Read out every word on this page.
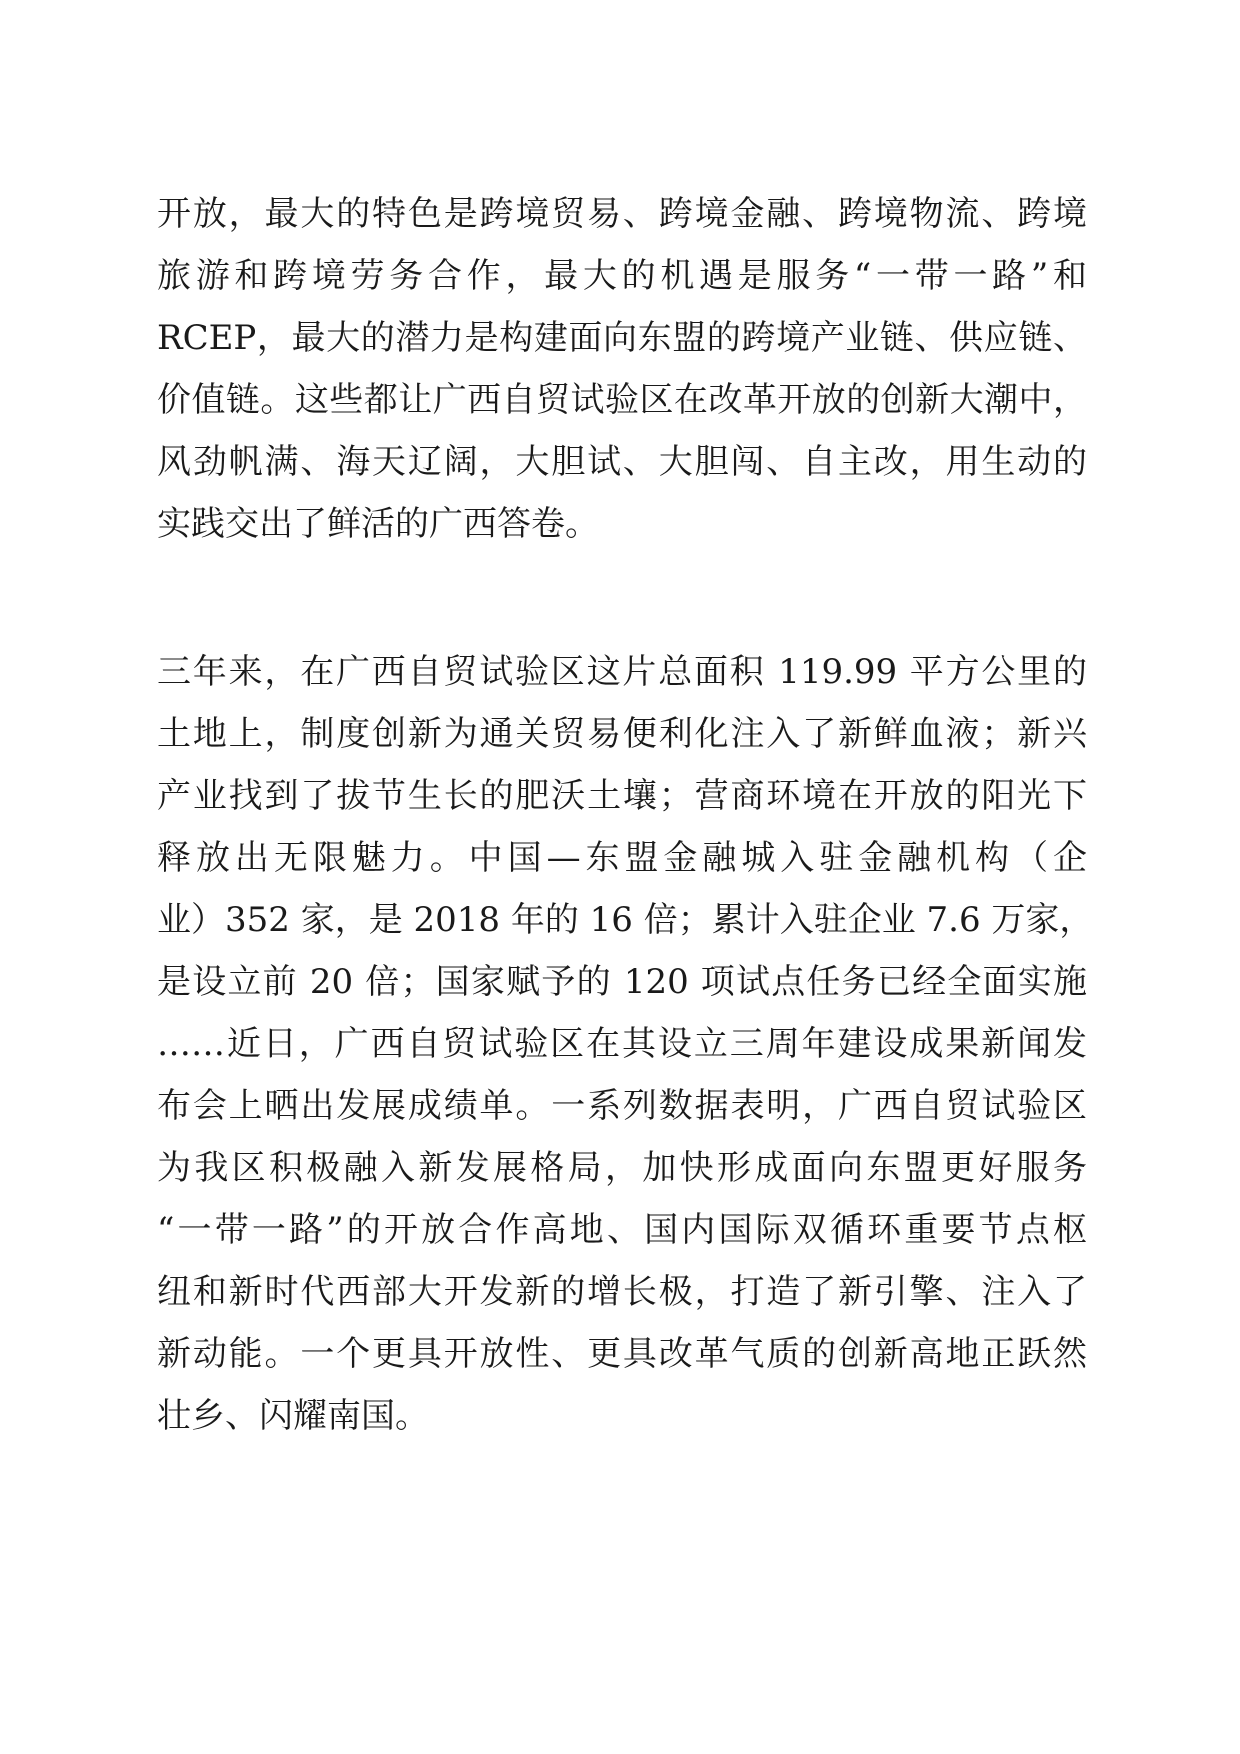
开放，最大的特色是跨境贸易、跨境金融、跨境物流、跨境
旅游和跨境劳务合作，最大的机遇是服务“一带一路”和
RCEP，最大的潜力是构建面向东盟的跨境产业链、供应链、
价值链。这些都让广西自贸试验区在改革开放的创新大潮中，
风劲帆满、海天辽阔，大胆试、大胆闯、自主改，用生动的
实践交出了鲜活的广西答卷。
三年来，在广西自贸试验区这片总面积 119.99 平方公里的
土地上，制度创新为通关贸易便利化注入了新鲜血液；新兴
产业找到了拔节生长的肥沃土壤；营商环境在开放的阳光下
释放出无限魅力。中国—东盟金融城入驻金融机构（企
业）352 家，是 2018 年的 16 倍；累计入驻企业 7.6 万家，
是设立前 20 倍；国家赋予的 120 项试点任务已经全面实施
……近日，广西自贸试验区在其设立三周年建设成果新闻发
布会上晒出发展成绩单。一系列数据表明，广西自贸试验区
为我区积极融入新发展格局，加快形成面向东盟更好服务
“一带一路”的开放合作高地、国内国际双循环重要节点枢
纽和新时代西部大开发新的增长极，打造了新引擎、注入了
新动能。一个更具开放性、更具改革气质的创新高地正跃然
壮乡、闪耀南国。
